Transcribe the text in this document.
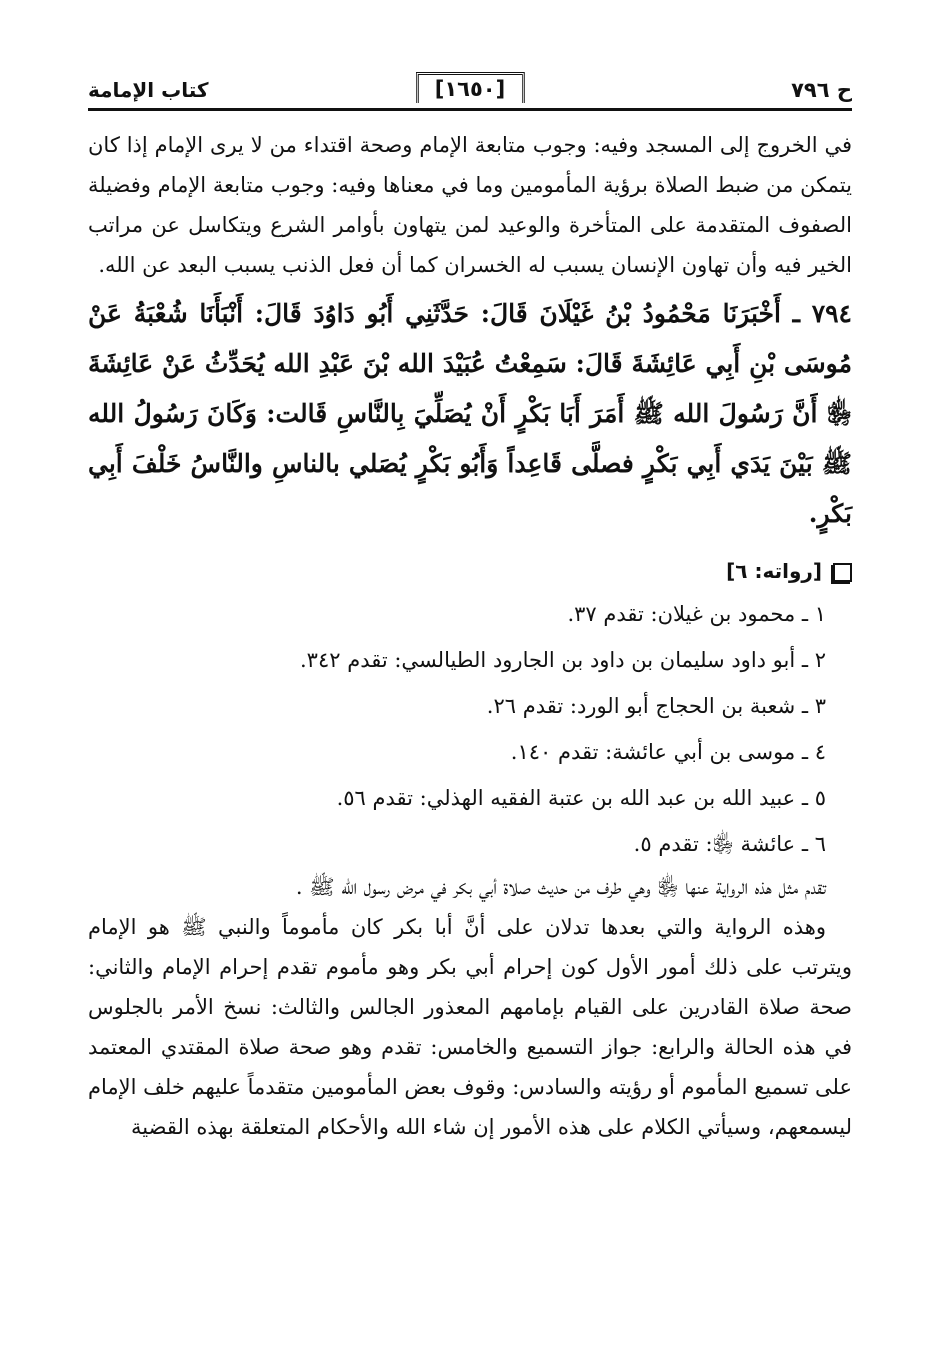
ح ٧٩٦
[١٦٥٠]
كتاب الإمامة

في الخروج إلى المسجد وفيه: وجوب متابعة الإمام وصحة اقتداء من لا يرى الإمام إذا كان يتمكن من ضبط الصلاة برؤية المأمومين وما في معناها وفيه: وجوب متابعة الإمام وفضيلة الصفوف المتقدمة على المتأخرة والوعيد لمن يتهاون بأوامر الشرع ويتكاسل عن مراتب الخير فيه وأن تهاون الإنسان يسبب له الخسران كما أن فعل الذنب يسبب البعد عن الله.

٧٩٤ ـ أَخْبَرَنَا مَحْمُودُ بْنُ غَيْلَانَ قَالَ: حَدَّثَنِي أَبُو دَاوُدَ قَالَ: أَنْبَأَنَا شُعْبَةُ عَنْ مُوسَى بْنِ أَبِي عَائِشَةَ قَالَ: سَمِعْتُ عُبَيْدَ الله بْنَ عَبْدِ الله يُحَدِّثُ عَنْ عَائِشَةَ ﵂ أَنَّ رَسُولَ الله ﷺ أَمَرَ أَبَا بَكْرٍ أَنْ يُصَلِّيَ بِالنَّاسِ قَالت: وَكَانَ رَسُولُ الله ﷺ بَيْنَ يَدَي أَبِي بَكْرٍ فصلَّى قَاعِداً وَأَبُو بَكْرٍ يُصَلي بالناسِ والنَّاسُ خَلْفَ أَبِي بَكْرٍ.

[رواته: ٦]
١ ـ محمود بن غيلان: تقدم ٣٧.
٢ ـ أبو داود سليمان بن داود بن الجارود الطيالسي: تقدم ٣٤٢.
٣ ـ شعبة بن الحجاج أبو الورد: تقدم ٢٦.
٤ ـ موسى بن أبي عائشة: تقدم ١٤٠.
٥ ـ عبيد الله بن عبد الله بن عتبة الفقيه الهذلي: تقدم ٥٦.
٦ ـ عائشة ﵂: تقدم ٥.

تقدم مثل هذه الرواية عنها ﵂ وهي طرف من حديث صلاة أبي بكر في مرض رسول الله ﷺ .

وهذه الرواية والتي بعدها تدلان على أنَّ أبا بكر كان مأموماً والنبي ﷺ هو الإمام ويترتب على ذلك أمور الأول كون إحرام أبي بكر وهو مأموم تقدم إحرام الإمام والثاني: صحة صلاة القادرين على القيام بإمامهم المعذور الجالس والثالث: نسخ الأمر بالجلوس في هذه الحالة والرابع: جواز التسميع والخامس: تقدم وهو صحة صلاة المقتدي المعتمد على تسميع المأموم أو رؤيته والسادس: وقوف بعض المأمومين متقدماً عليهم خلف الإمام ليسمعهم، وسيأتي الكلام على هذه الأمور إن شاء الله والأحكام المتعلقة بهذه القضية
